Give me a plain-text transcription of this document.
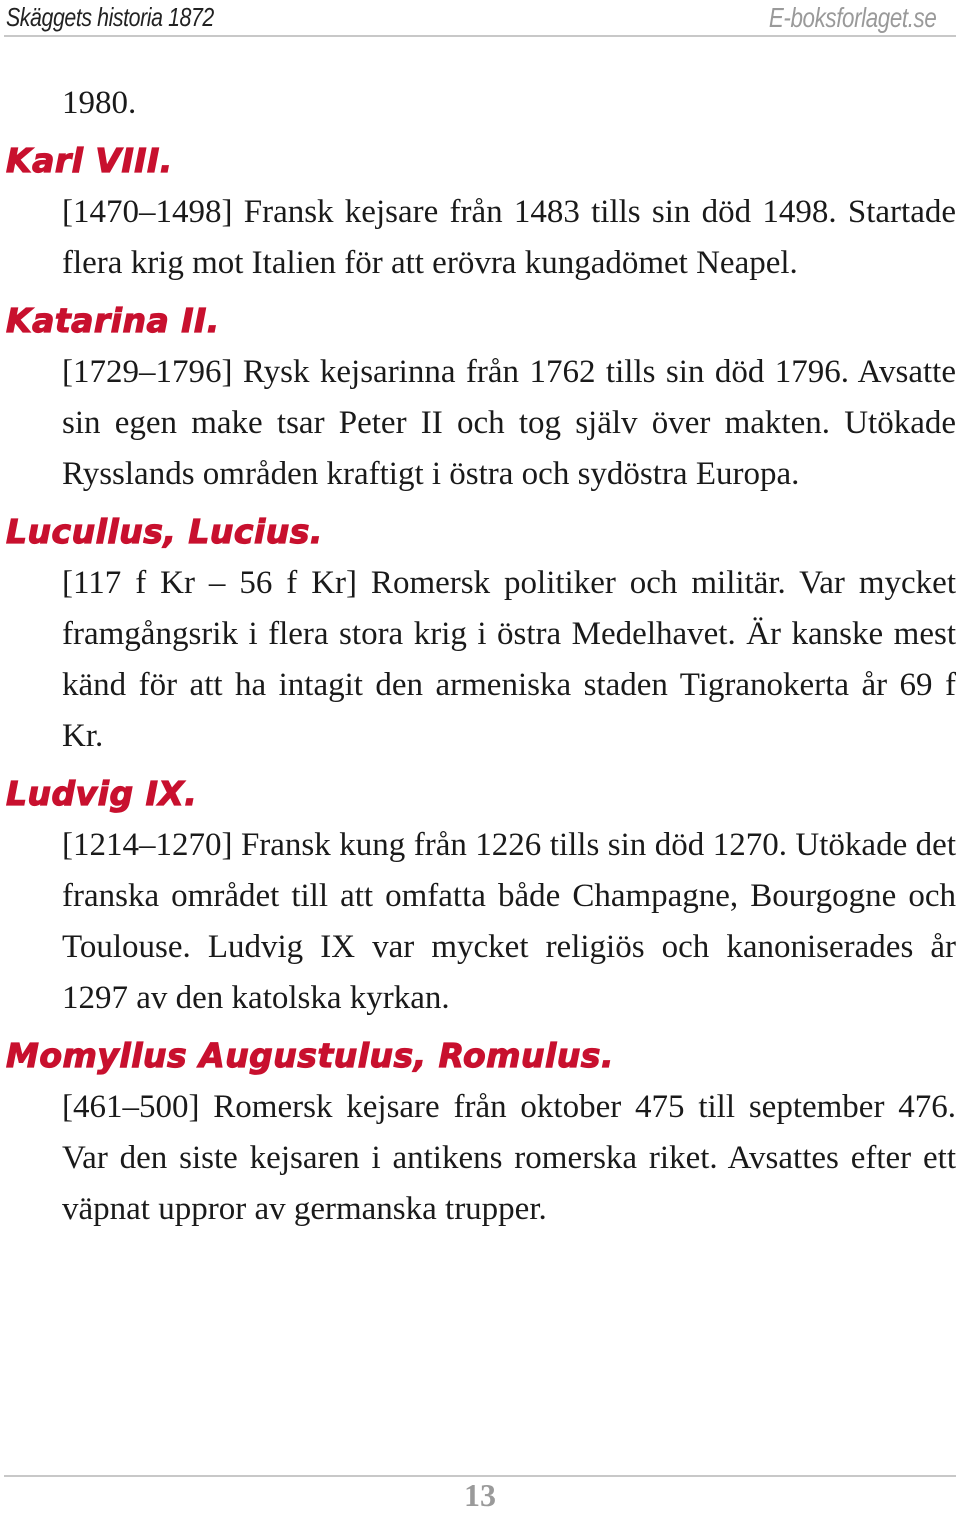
Skäggets historia 1872	E-boksforlaget.se

1980.

Karl VIII.

[1470–1498] Fransk kejsare från 1483 tills sin död 1498. Startade flera krig mot Italien för att erövra kungadömet Neapel.

Katarina II.

[1729–1796] Rysk kejsarinna från 1762 tills sin död 1796. Avsatte sin egen make tsar Peter II och tog själv över makten. Utökade Rysslands områden kraftigt i östra och sydöstra Europa.

Lucullus, Lucius.

[117 f Kr – 56 f Kr] Romersk politiker och militär. Var mycket framgångsrik i flera stora krig i östra Medelhavet. Är kanske mest känd för att ha intagit den armeniska staden Tigranokerta år 69 f Kr.

Ludvig IX.

[1214–1270] Fransk kung från 1226 tills sin död 1270. Utökade det franska området till att omfatta både Champagne, Bourgogne och Toulouse. Ludvig IX var mycket religiös och kanoniserades år 1297 av den katolska kyrkan.

Momyllus Augustulus, Romulus.

[461–500] Romersk kejsare från oktober 475 till september 476. Var den siste kejsaren i antikens romerska riket. Avsattes efter ett väpnat uppror av germanska trupper.

13
